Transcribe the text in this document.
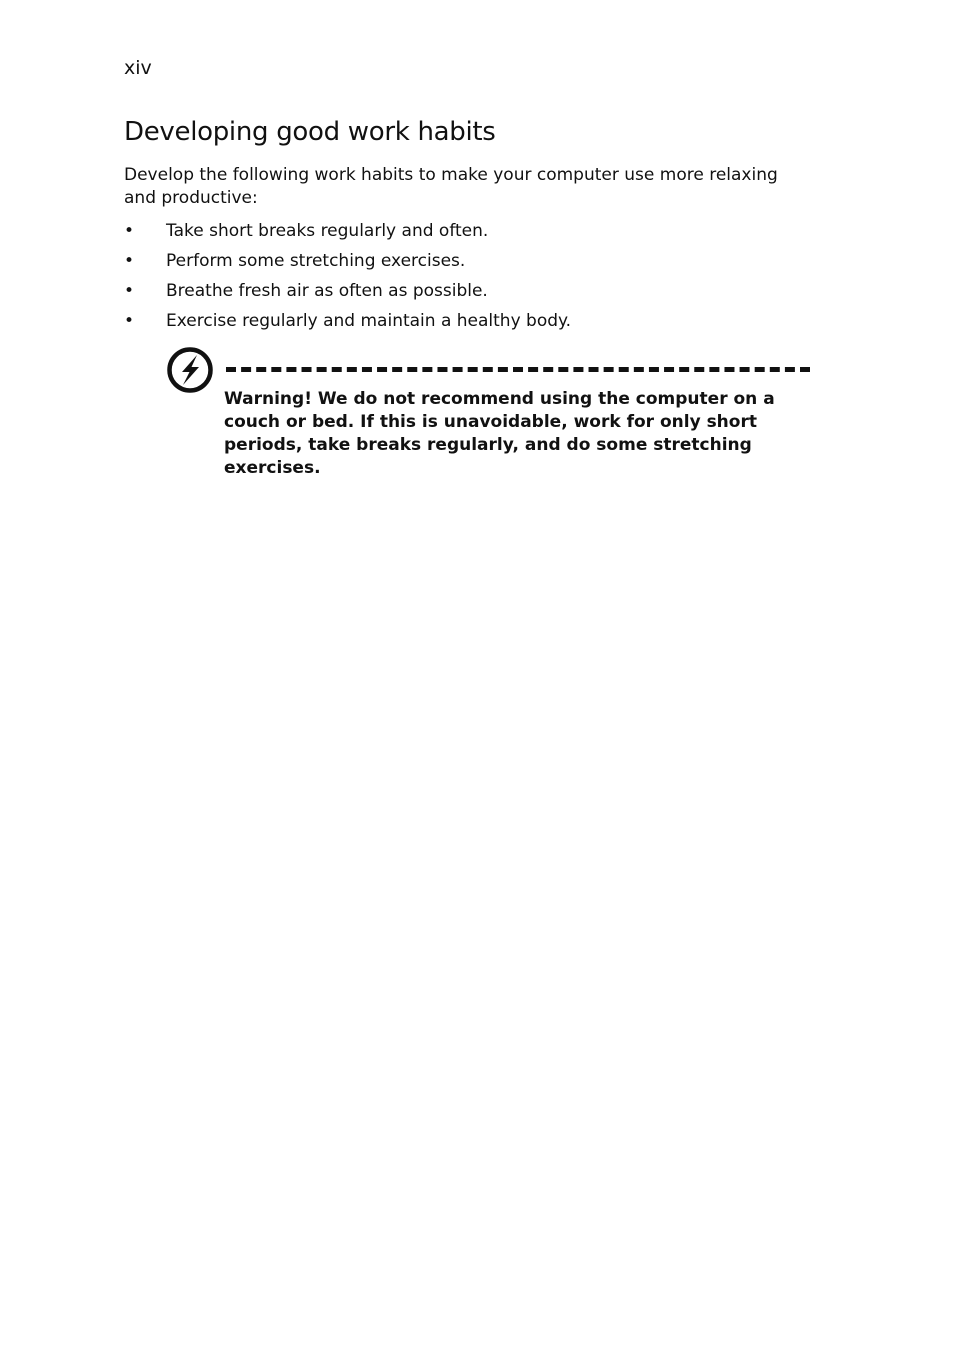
xiv
Developing good work habits

Develop the following work habits to make your computer use more relaxing and productive:

• Take short breaks regularly and often.
• Perform some stretching exercises.
• Breathe fresh air as often as possible.
• Exercise regularly and maintain a healthy body.

Warning! We do not recommend using the computer on a couch or bed. If this is unavoidable, work for only short periods, take breaks regularly, and do some stretching exercises.
